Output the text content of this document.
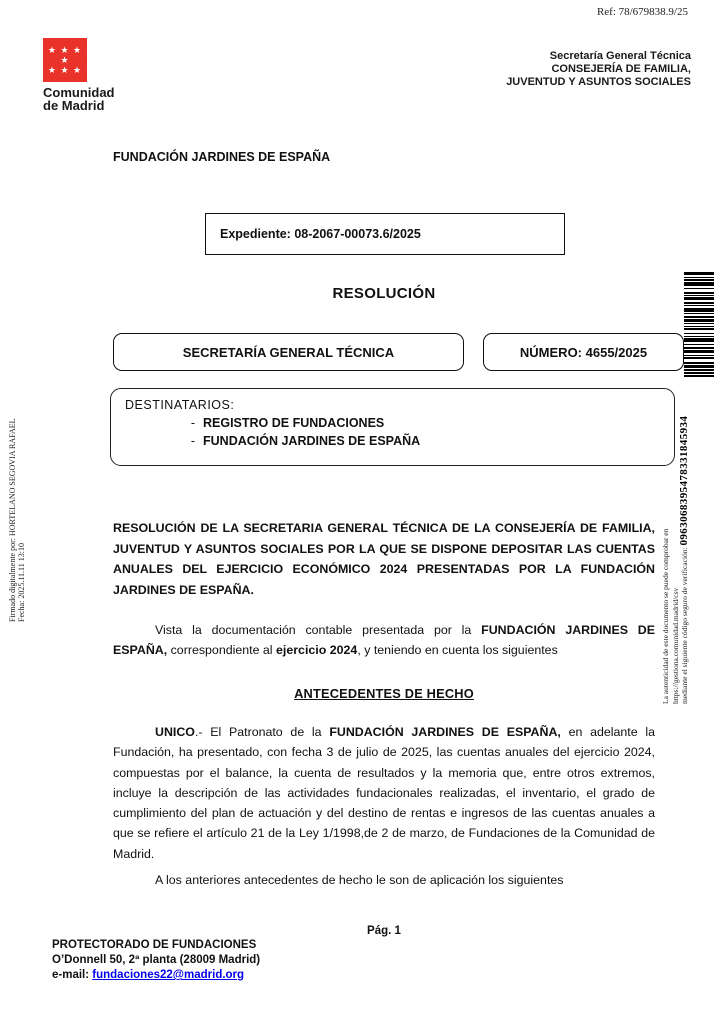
Ref: 78/679838.9/25
★ ★ ★ ★
★ ★ ★
Comunidad
de Madrid
Secretaría General Técnica
CONSEJERÍA DE FAMILIA,
JUVENTUD Y ASUNTOS SOCIALES
FUNDACIÓN JARDINES DE ESPAÑA
Expediente: 08-2067-00073.6/2025
RESOLUCIÓN
SECRETARÍA GENERAL TÉCNICA	NÚMERO: 4655/2025
DESTINATARIOS:
- REGISTRO DE FUNDACIONES
- FUNDACIÓN JARDINES DE ESPAÑA
RESOLUCIÓN DE LA SECRETARIA GENERAL TÉCNICA DE LA CONSEJERÍA DE FAMILIA, JUVENTUD Y ASUNTOS SOCIALES POR LA QUE SE DISPONE DEPOSITAR LAS CUENTAS ANUALES DEL EJERCICIO ECONÓMICO 2024 PRESENTADAS POR LA FUNDACIÓN JARDINES DE ESPAÑA.

Vista la documentación contable presentada por la FUNDACIÓN JARDINES DE ESPAÑA, correspondiente al ejercicio 2024, y teniendo en cuenta los siguientes

ANTECEDENTES DE HECHO

UNICO.- El Patronato de la FUNDACIÓN JARDINES DE ESPAÑA, en adelante la Fundación, ha presentado, con fecha 3 de julio de 2025, las cuentas anuales del ejercicio 2024, compuestas por el balance, la cuenta de resultados y la memoria que, entre otros extremos, incluye la descripción de las actividades fundacionales realizadas, el inventario, el grado de cumplimiento del plan de actuación y del destino de rentas e ingresos de las cuentas anuales a que se refiere el artículo 21 de la Ley 1/1998,de 2 de marzo, de Fundaciones de la Comunidad de Madrid.

A los anteriores antecedentes de hecho le son de aplicación los siguientes
Pág. 1
PROTECTORADO DE FUNDACIONES
O’Donnell 50, 2ª planta (28009 Madrid)
e-mail: fundaciones22@madrid.org
Firmado digitalmente por: HORTELANO SEGOVIA RAFAEL Fecha: 2025.11.11 13:10	La autenticidad de este documento se puede comprobar en https://gestiona.comunidad.madrid/csv mediante el siguiente código seguro de verificación: 0963068395478331845934
